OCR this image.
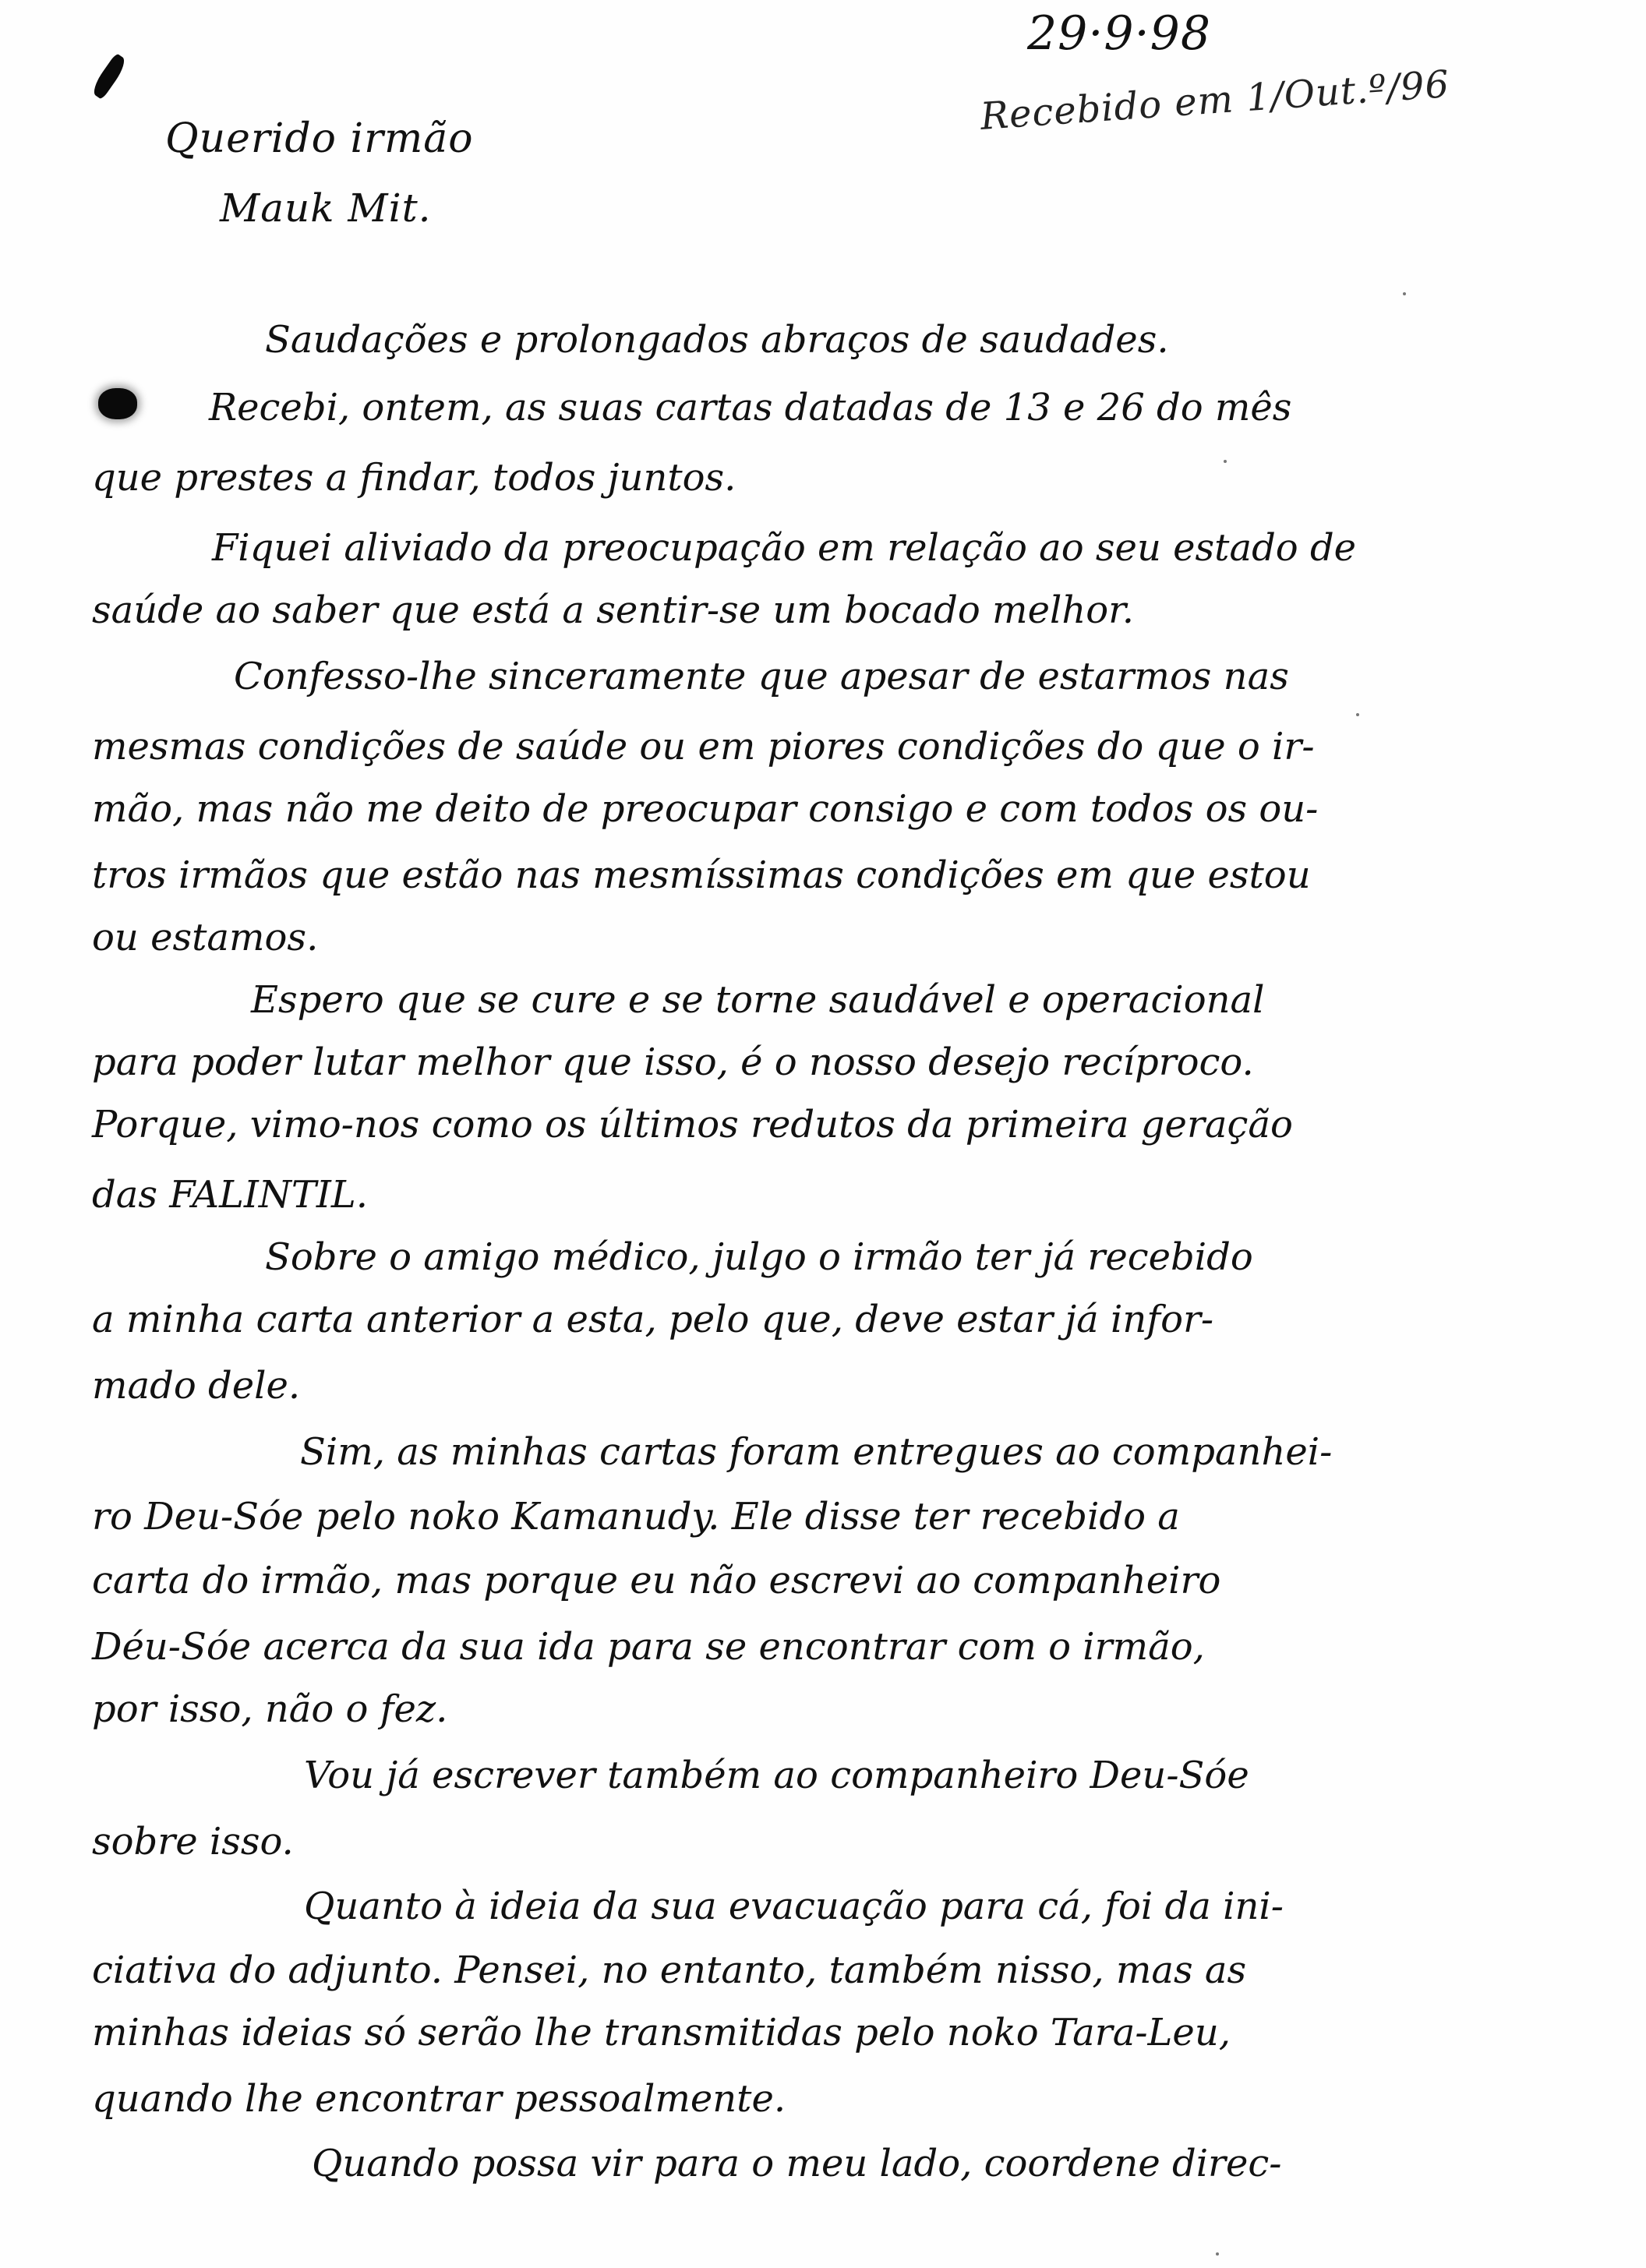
29·9·98
Recebido em 1/Out.º/96
Querido irmão
Mauk Mit.
Saudações e prolongados abraços de saudades.
Recebi, ontem, as suas cartas datadas de 13 e 26 do mês
que prestes a findar, todos juntos.
Fiquei aliviado da preocupação em relação ao seu estado de
saúde ao saber que está a sentir-se um bocado melhor.
Confesso-lhe sinceramente que apesar de estarmos nas
mesmas condições de saúde ou em piores condições do que o ir-
mão, mas não me deito de preocupar consigo e com todos os ou-
tros irmãos que estão nas mesmíssimas condições em que estou
ou estamos.
Espero que se cure e se torne saudável e operacional
para poder lutar melhor que isso, é o nosso desejo recíproco.
Porque, vimo-nos como os últimos redutos da primeira geração
das FALINTIL.
Sobre o amigo médico, julgo o irmão ter já recebido
a minha carta anterior a esta, pelo que, deve estar já infor-
mado dele.
Sim, as minhas cartas foram entregues ao companhei-
ro Deu-Sóe pelo noko Kamanudy. Ele disse ter recebido a
carta do irmão, mas porque eu não escrevi ao companheiro
Déu-Sóe acerca da sua ida para se encontrar com o irmão,
por isso, não o fez.
Vou já escrever também ao companheiro Deu-Sóe
sobre isso.
Quanto à ideia da sua evacuação para cá, foi da ini-
ciativa do adjunto. Pensei, no entanto, também nisso, mas as
minhas ideias só serão lhe transmitidas pelo noko Tara-Leu,
quando lhe encontrar pessoalmente.
Quando possa vir para o meu lado, coordene direc-
